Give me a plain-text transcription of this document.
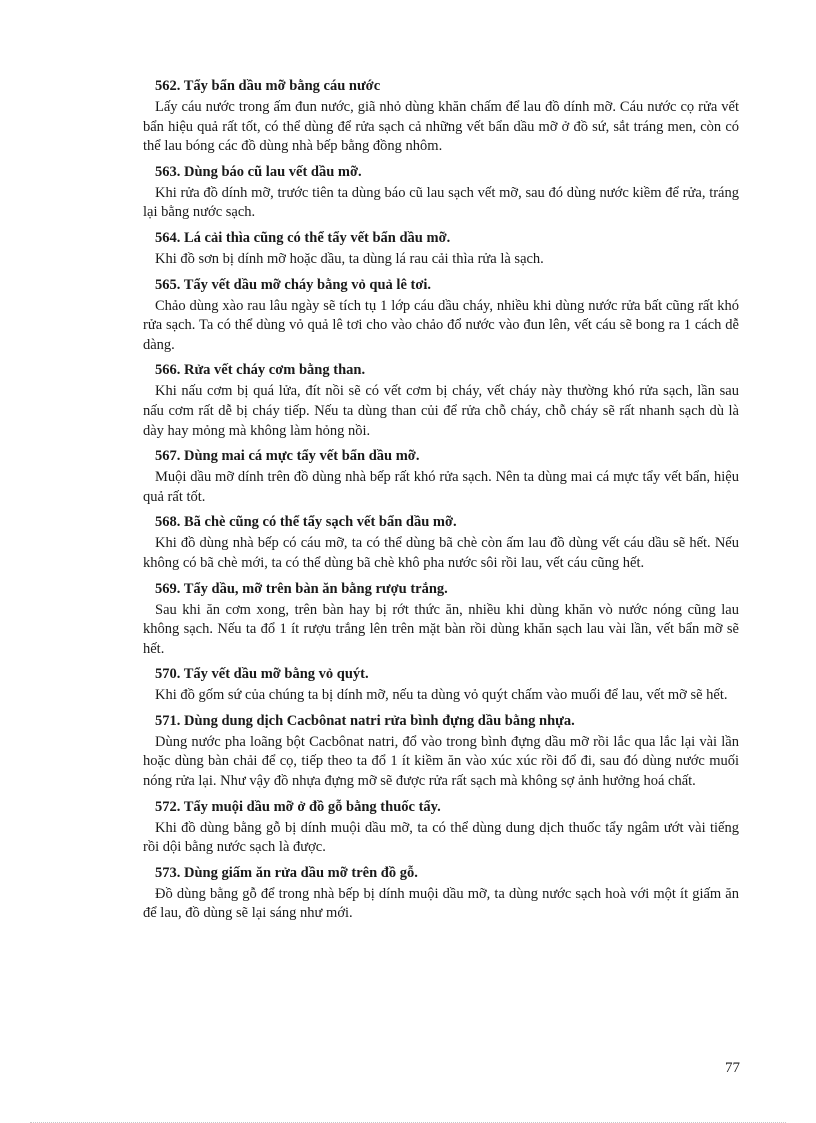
562. Tẩy bẩn dầu mỡ bằng cáu nước

Lấy cáu nước trong ấm đun nước, giã nhỏ dùng khăn chấm để lau đồ dính mỡ. Cáu nước cọ rửa vết bẩn hiệu quả rất tốt, có thể dùng để rửa sạch cả những vết bẩn dầu mỡ ở đồ sứ, sắt tráng men, còn có thể lau bóng các đồ dùng nhà bếp bằng đồng nhôm.

563. Dùng báo cũ lau vết dầu mỡ.

Khi rửa đồ dính mỡ, trước tiên ta dùng báo cũ lau sạch vết mỡ, sau đó dùng nước kiềm để rửa, tráng lại bằng nước sạch.

564. Lá cải thìa cũng có thể tẩy vết bẩn dầu mỡ.

Khi đồ sơn bị dính mỡ hoặc dầu, ta dùng lá rau cải thìa rửa là sạch.

565. Tẩy vết dầu mỡ cháy bằng vỏ quả lê tơi.

Chảo dùng xào rau lâu ngày sẽ tích tụ 1 lớp cáu dầu cháy, nhiều khi dùng nước rửa bất cũng rất khó rửa sạch. Ta có thể dùng vỏ quả lê tơi cho vào chảo đổ nước vào đun lên, vết cáu sẽ bong ra 1 cách dễ dàng.

566. Rửa vết cháy cơm bằng than.

Khi nấu cơm bị quá lửa, đít nồi sẽ có vết cơm bị cháy, vết cháy này thường khó rửa sạch, lần sau nấu cơm rất dễ bị cháy tiếp. Nếu ta dùng than củi để rửa chỗ cháy, chỗ cháy sẽ rất nhanh sạch dù là dày hay mỏng mà không làm hỏng nồi.

567. Dùng mai cá mực tẩy vết bẩn dầu mỡ.

Muội dầu mỡ dính trên đồ dùng nhà bếp rất khó rửa sạch. Nên ta dùng mai cá mực tẩy vết bẩn, hiệu quả rất tốt.

568. Bã chè cũng có thể tẩy sạch vết bẩn dầu mỡ.

Khi đồ dùng nhà bếp có cáu mỡ, ta có thể dùng bã chè còn ấm lau đồ dùng vết cáu dầu sẽ hết. Nếu không có bã chè mới, ta có thể dùng bã chè khô pha nước sôi rồi lau, vết cáu cũng hết.

569. Tẩy dầu, mỡ trên bàn ăn bằng rượu trắng.

Sau khi ăn cơm xong, trên bàn hay bị rớt thức ăn, nhiều khi dùng khăn vò nước nóng cũng lau không sạch. Nếu ta đổ 1 ít rượu trắng lên trên mặt bàn rồi dùng khăn sạch lau vài lần, vết bẩn mỡ sẽ hết.

570. Tẩy vết dầu mỡ bằng vỏ quýt.

Khi đồ gốm sứ của chúng ta bị dính mỡ, nếu ta dùng vỏ quýt chấm vào muối để lau, vết mỡ sẽ hết.

571. Dùng dung dịch Cacbônat natri rửa bình đựng dầu bằng nhựa.

Dùng nước pha loãng bột Cacbônat natri, đổ vào trong bình đựng dầu mỡ rồi lắc qua lắc lại vài lần hoặc dùng bàn chải để cọ, tiếp theo ta đổ 1 ít kiềm ăn vào xúc xúc rồi đổ đi, sau đó dùng nước muối nóng rửa lại. Như vậy đồ nhựa đựng mỡ sẽ được rửa rất sạch mà không sợ ảnh hưởng hoá chất.

572. Tẩy muội dầu mỡ ở đồ gỗ bằng thuốc tẩy.

Khi đồ dùng bằng gỗ bị dính muội dầu mỡ, ta có thể dùng dung dịch thuốc tẩy ngâm ướt vài tiếng rồi dội bằng nước sạch là được.

573. Dùng giấm ăn rửa dầu mỡ trên đồ gỗ.

Đồ dùng bằng gỗ để trong nhà bếp bị dính muội dầu mỡ, ta dùng nước sạch hoà với một ít giấm ăn để lau, đồ dùng sẽ lại sáng như mới.

77
